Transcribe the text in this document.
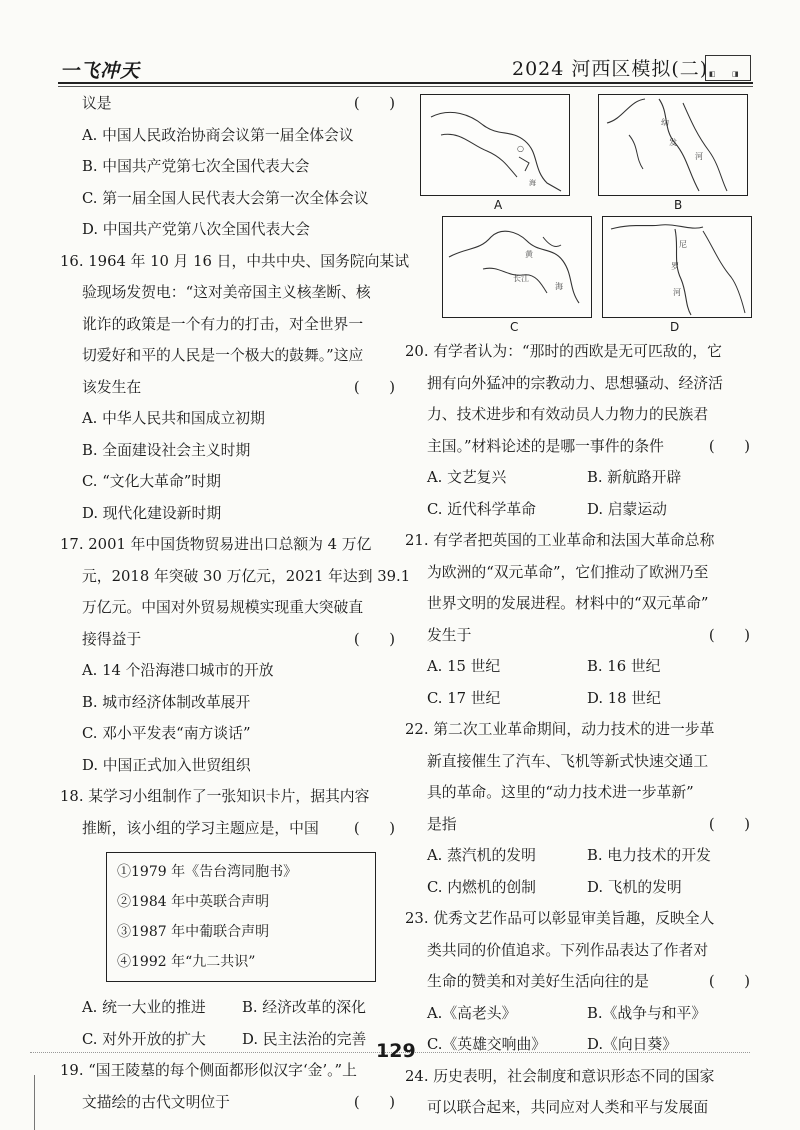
一飞冲天	2024 河西区模拟(二) ◧ ◨
议是	(　　)
A. 中国人民政治协商会议第一届全体会议
B. 中国共产党第七次全国代表大会
C. 第一届全国人民代表大会第一次全体会议
D. 中国共产党第八次全国代表大会
16. 1964 年 10 月 16 日，中共中央、国务院向某试
验现场发贺电：“这对美帝国主义核垄断、核
讹诈的政策是一个有力的打击，对全世界一
切爱好和平的人民是一个极大的鼓舞。”这应
该发生在	(　　)
A. 中华人民共和国成立初期
B. 全面建设社会主义时期
C. “文化大革命”时期
D. 现代化建设新时期
17. 2001 年中国货物贸易进出口总额为 4 万亿
元，2018 年突破 30 万亿元，2021 年达到 39.1
万亿元。中国对外贸易规模实现重大突破直
接得益于	(　　)
A. 14 个沿海港口城市的开放
B. 城市经济体制改革展开
C. 邓小平发表“南方谈话”
D. 中国正式加入世贸组织
18. 某学习小组制作了一张知识卡片，据其内容
推断，该小组的学习主题应是，中国 (　　)
①1979 年《告台湾同胞书》
②1984 年中英联合声明
③1987 年中葡联合声明
④1992 年“九二共识”
A. 统一大业的推进	B. 经济改革的深化
C. 对外开放的扩大	D. 民主法治的完善
19. “国王陵墓的每个侧面都形似汉字‘金’。”上
文描绘的古代文明位于	(　　)
○
海
A
幼
发
河
B
黄
长江
海
C
尼
罗
河
D
20. 有学者认为：“那时的西欧是无可匹敌的，它
拥有向外猛冲的宗教动力、思想骚动、经济活
力、技术进步和有效动员人力物力的民族君
主国。”材料论述的是哪一事件的条件	(　　)
A. 文艺复兴	B. 新航路开辟
C. 近代科学革命	D. 启蒙运动
21. 有学者把英国的工业革命和法国大革命总称
为欧洲的“双元革命”，它们推动了欧洲乃至
世界文明的发展进程。材料中的“双元革命”
发生于	(　　)
A. 15 世纪	B. 16 世纪
C. 17 世纪	D. 18 世纪
22. 第二次工业革命期间，动力技术的进一步革
新直接催生了汽车、飞机等新式快速交通工
具的革命。这里的“动力技术进一步革新”
是指	(　　)
A. 蒸汽机的发明	B. 电力技术的开发
C. 内燃机的创制	D. 飞机的发明
23. 优秀文艺作品可以彰显审美旨趣，反映全人
类共同的价值追求。下列作品表达了作者对
生命的赞美和对美好生活向往的是	(　　)
A.《高老头》	B.《战争与和平》
C.《英雄交响曲》	D.《向日葵》
24. 历史表明，社会制度和意识形态不同的国家
可以联合起来，共同应对人类和平与发展面
129
